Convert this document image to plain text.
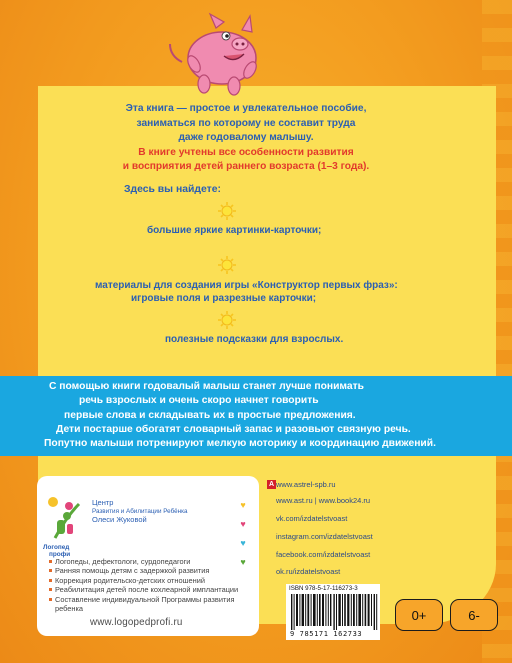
Эта книга — простое и увлекательное пособие,
заниматься по которому не составит труда
даже годовалому малышу.
В книге учтены все особенности развития
и восприятия детей раннего возраста (1–3 года).
Здесь вы найдете:
большие яркие картинки-карточки;
материалы для создания игры «Конструктор первых фраз»:
игровые поля и разрезные карточки;
полезные подсказки для взрослых.
С помощью книги годовалый малыш станет лучше понимать
речь взрослых и очень скоро начнет говорить
первые слова и складывать их в простые предложения.
Дети постарше обогатят словарный запас и разовьют связную речь.
Попутно малыши потренируют мелкую моторику и координацию движений.
Логопед
профи
Центр
Развития и Абилитации Ребёнка
Олеси Жуковой
Логопеды, дефектологи, сурдопедагоги
Ранняя помощь детям с задержкой развития
Коррекция родительско-детских отношений
Реабилитация детей после кохлеарной имплантации
Составление индивидуальной Программы развития ребенка
www.logopedprofi.ru
♥
♥
♥
♥
А www.astrel-spb.ru
www.ast.ru | www.book24.ru
vk.com/izdatelstvoast
instagram.com/izdatelstvoast
facebook.com/izdatelstvoast
ok.ru/izdatelstvoast
ISBN 978-5-17-116273-3
9 785171 162733
0+	6-
